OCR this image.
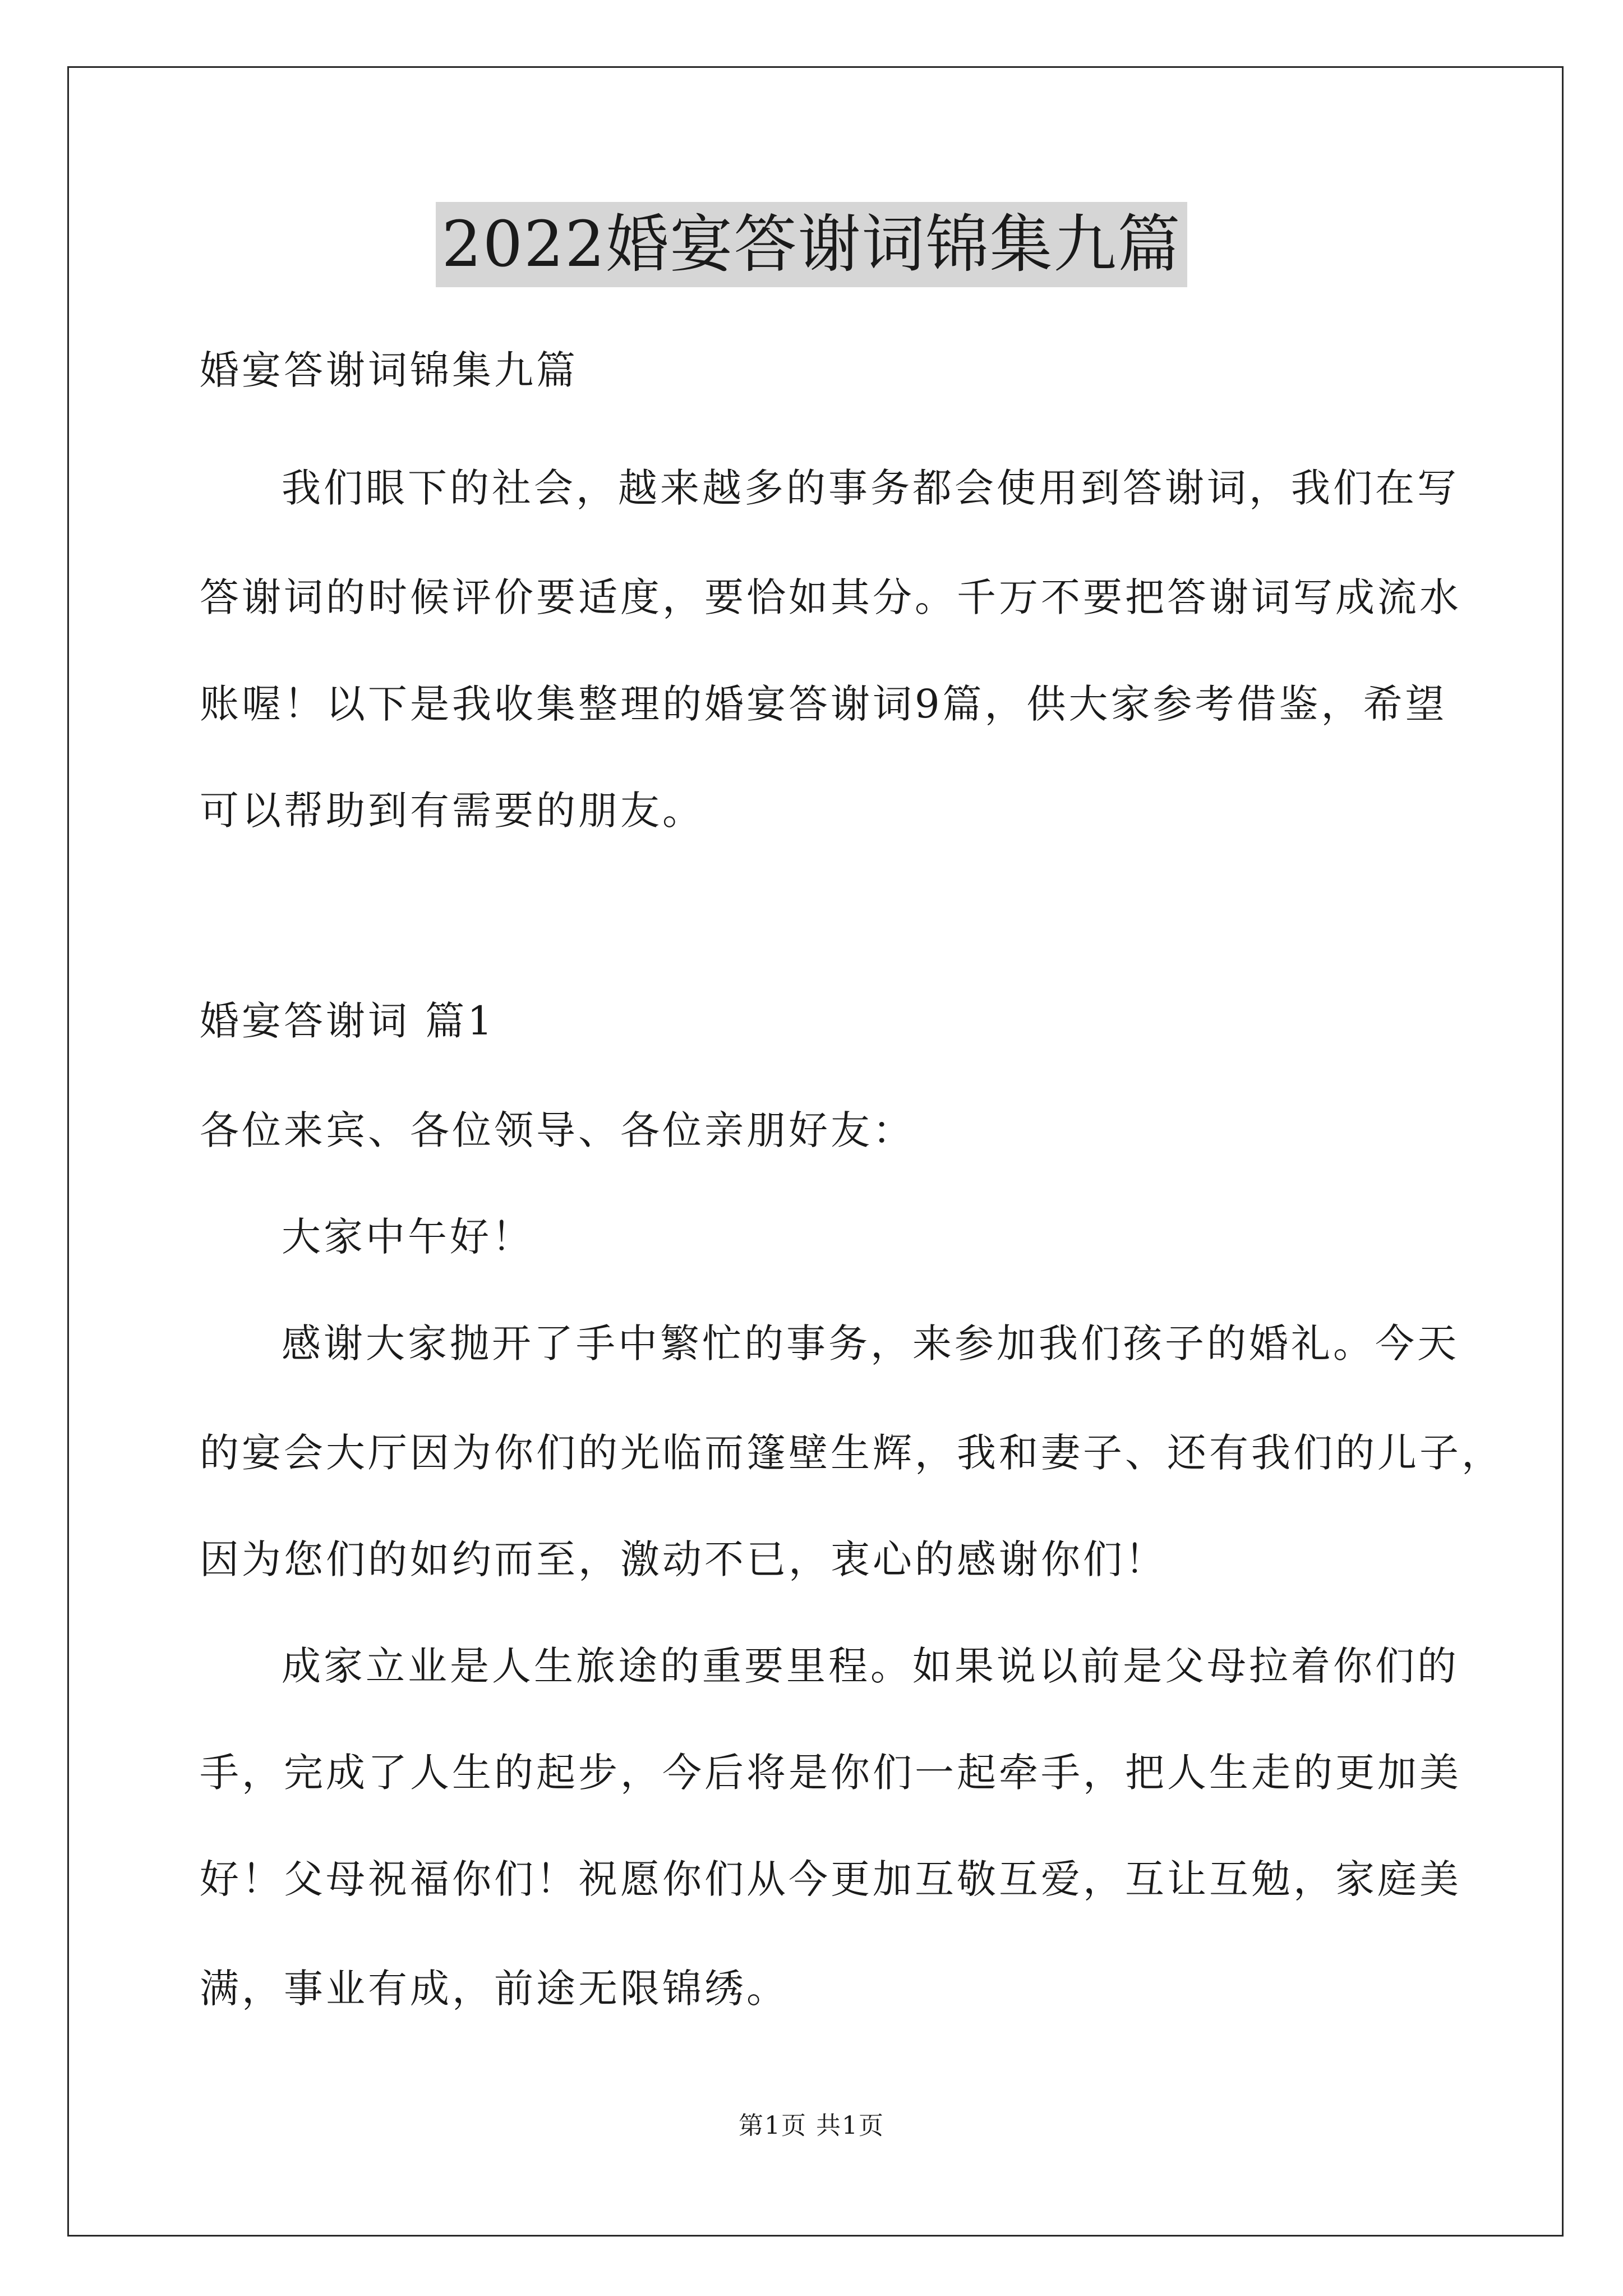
2022婚宴答谢词锦集九篇
婚宴答谢词锦集九篇
我们眼下的社会，越来越多的事务都会使用到答谢词，我们在写
答谢词的时候评价要适度，要恰如其分。千万不要把答谢词写成流水
账喔！以下是我收集整理的婚宴答谢词9篇，供大家参考借鉴，希望
可以帮助到有需要的朋友。
婚宴答谢词 篇1
各位来宾、各位领导、各位亲朋好友：
大家中午好！
感谢大家抛开了手中繁忙的事务，来参加我们孩子的婚礼。今天
的宴会大厅因为你们的光临而篷壁生辉，我和妻子、还有我们的儿子，
因为您们的如约而至，激动不已，衷心的感谢你们！
成家立业是人生旅途的重要里程。如果说以前是父母拉着你们的
手，完成了人生的起步，今后将是你们一起牵手，把人生走的更加美
好！父母祝福你们！祝愿你们从今更加互敬互爱，互让互勉，家庭美
满，事业有成，前途无限锦绣。
第1页 共1页
